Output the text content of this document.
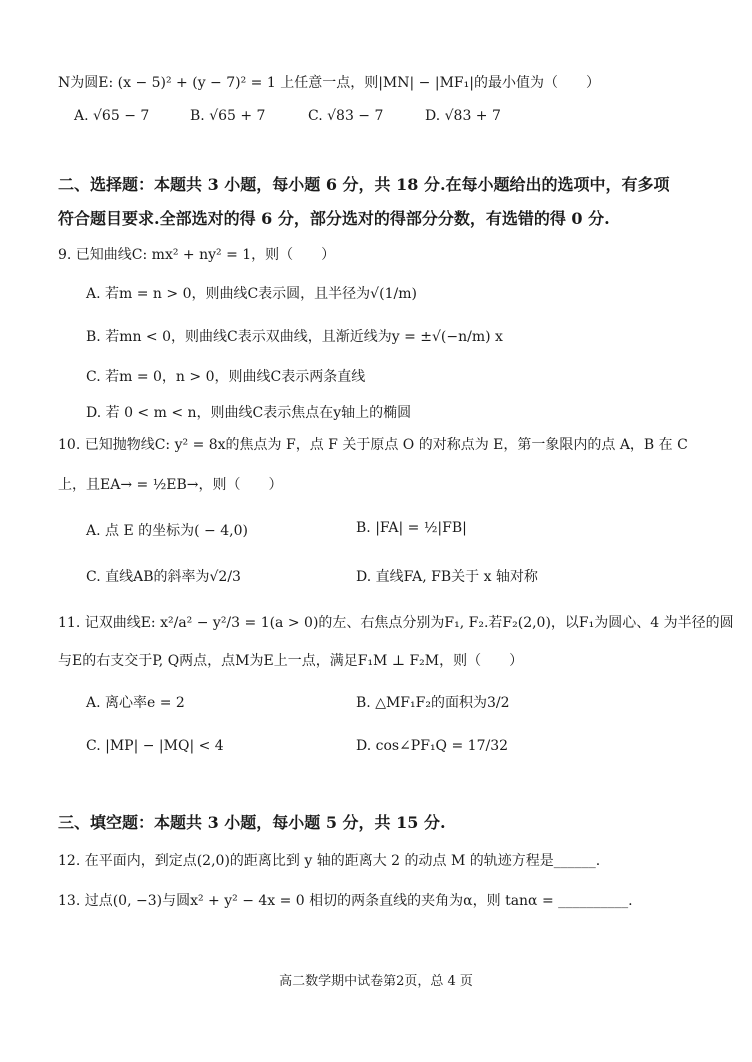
N为圆E: (x − 5)² + (y − 7)² = 1 上任意一点，则|MN| − |MF₁|的最小值为（　　）
A. √65 − 7	B. √65 + 7	C. √83 − 7	D. √83 + 7
二、选择题：本题共 3 小题，每小题 6 分，共 18 分.在每小题给出的选项中，有多项
符合题目要求.全部选对的得 6 分，部分选对的得部分分数，有选错的得 0 分.
9. 已知曲线C: mx² + ny² = 1，则（　　）
A. 若m = n > 0，则曲线C表示圆，且半径为√(1/m)
B. 若mn < 0，则曲线C表示双曲线，且渐近线为y = ±√(−n/m) x
C. 若m = 0，n > 0，则曲线C表示两条直线
D. 若 0 < m < n，则曲线C表示焦点在y轴上的椭圆
10. 已知抛物线C: y² = 8x的焦点为 F，点 F 关于原点 O 的对称点为 E，第一象限内的点 A，B 在 C
上，且EA→ = ½EB→，则（　　）
A. 点 E 的坐标为( − 4,0)	B. |FA| = ½|FB|
C. 直线AB的斜率为√2/3	D. 直线FA, FB关于 x 轴对称
11. 记双曲线E: x²/a² − y²/3 = 1(a > 0)的左、右焦点分别为F₁, F₂.若F₂(2,0)，以F₁为圆心、4 为半径的圆
与E的右支交于P, Q两点，点M为E上一点，满足F₁M ⊥ F₂M，则（　　）
A. 离心率e = 2	B. △MF₁F₂的面积为3/2
C. |MP| − |MQ| < 4	D. cos∠PF₁Q = 17/32
三、填空题：本题共 3 小题，每小题 5 分，共 15 分.
12. 在平面内，到定点(2,0)的距离比到 y 轴的距离大 2 的动点 M 的轨迹方程是______.
13. 过点(0, −3)与圆x² + y² − 4x = 0 相切的两条直线的夹角为α，则 tanα = __________.
高二数学期中试卷第2页，总 4 页
